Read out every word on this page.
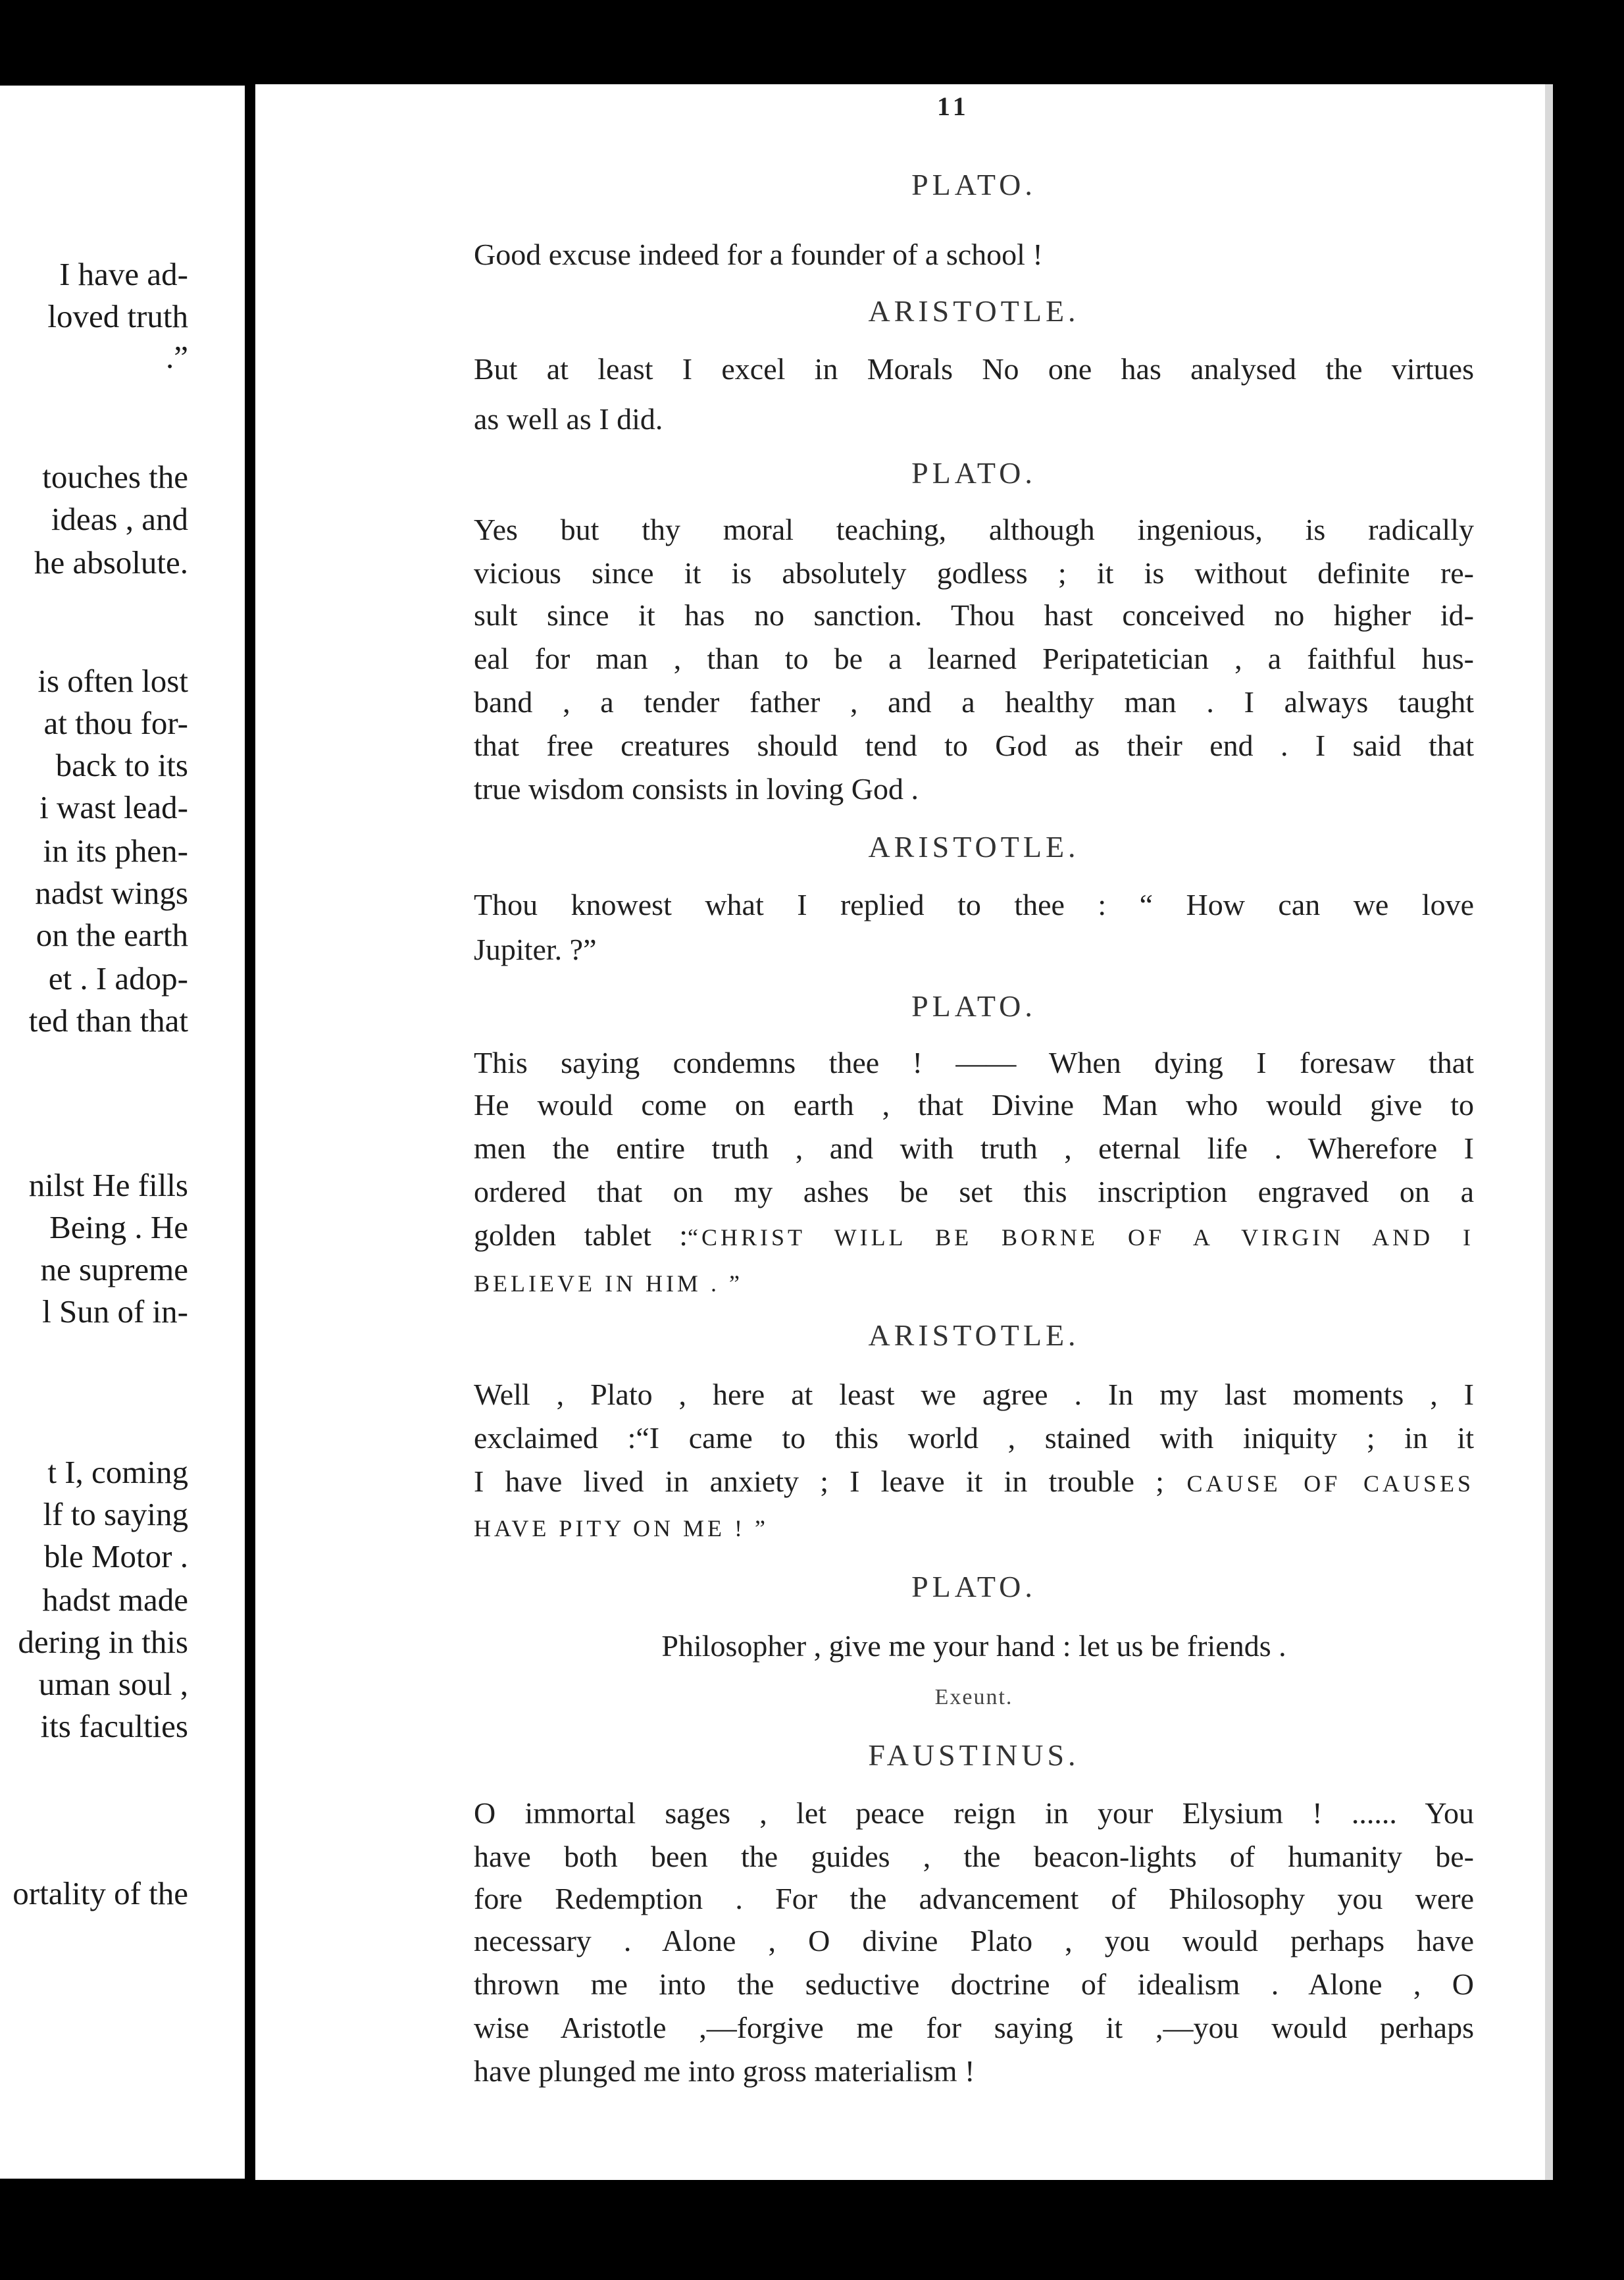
I have ad-
loved truth
.”
touches the
ideas , and
he absolute.
is often lost
at thou for-
back to its
i wast lead-
in its phen-
nadst wings
on the earth
et . I adop-
ted than that
nilst He fills
Being . He
ne supreme
l Sun of in-
t I, coming
lf to saying
ble Motor .
hadst made
dering in this
uman soul ,
its faculties
ortality of the
11
PLATO.
Good excuse indeed for a founder of a school !
ARISTOTLE.
But at least I excel in Morals No one has analysed the virtues
as well as I did.
PLATO.
Yes but thy moral teaching, although ingenious, is radically
vicious since it is absolutely godless ; it is without definite re-
sult since it has no sanction. Thou hast conceived no higher id-
eal for man , than to be a learned Peripatetician , a faithful hus-
band , a tender father , and a healthy man . I always taught
that free creatures should tend to God as their end . I said that
true wisdom consists in loving God .
ARISTOTLE.
Thou knowest what I replied to thee : “ How can we love
Jupiter. ?”
PLATO.
This saying condemns thee ! —— When dying I foresaw that
He would come on earth , that Divine Man who would give to
men the entire truth , and with truth , eternal life . Wherefore I
ordered that on my ashes be set this inscription engraved on a
golden tablet :“CHRIST WILL BE BORNE OF A VIRGIN AND I
BELIEVE IN HIM . ”
ARISTOTLE.
Well , Plato , here at least we agree . In my last moments , I
exclaimed :“I came to this world , stained with iniquity ; in it
I have lived in anxiety ; I leave it in trouble ; CAUSE OF CAUSES
HAVE PITY ON ME ! ”
PLATO.
Philosopher , give me your hand : let us be friends .
Exeunt.
FAUSTINUS.
O immortal sages , let peace reign in your Elysium ! ...... You
have both been the guides , the beacon-lights of humanity be-
fore Redemption . For the advancement of Philosophy you were
necessary . Alone , O divine Plato , you would perhaps have
thrown me into the seductive doctrine of idealism . Alone , O
wise Aristotle ,—forgive me for saying it ,—you would perhaps
have plunged me into gross materialism !
